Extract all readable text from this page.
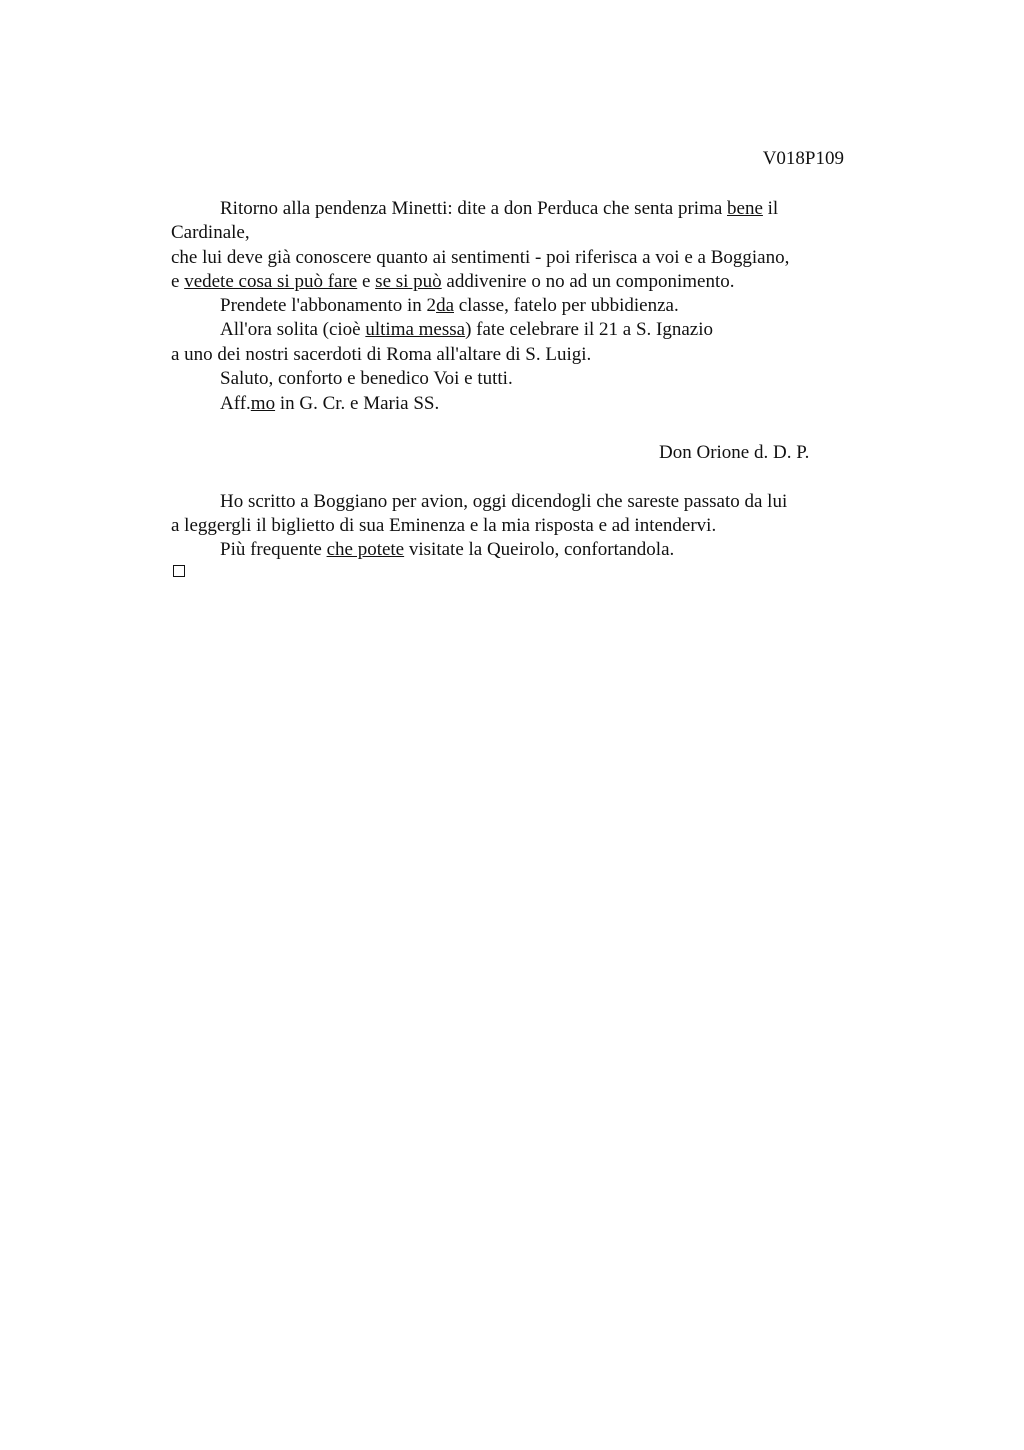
V018P109
Ritorno alla pendenza Minetti: dite a don Perduca che senta prima bene il
Cardinale,
che lui deve già conoscere quanto ai sentimenti - poi riferisca a voi e a Boggiano,
e vedete cosa si può fare e se si può addivenire o no ad un componimento.
Prendete l'abbonamento in 2da classe, fatelo per ubbidienza.
All'ora solita (cioè ultima messa) fate celebrare il 21 a S. Ignazio
a uno dei nostri sacerdoti di Roma all'altare di S. Luigi.
Saluto, conforto e benedico Voi e tutti.
Aff.mo in G. Cr. e Maria SS.
Don Orione d. D. P.
Ho scritto a Boggiano per avion, oggi dicendogli che sareste passato da lui
a leggergli il biglietto di sua Eminenza e la mia risposta e ad intendervi.
Più frequente che potete visitate la Queirolo, confortandola.
